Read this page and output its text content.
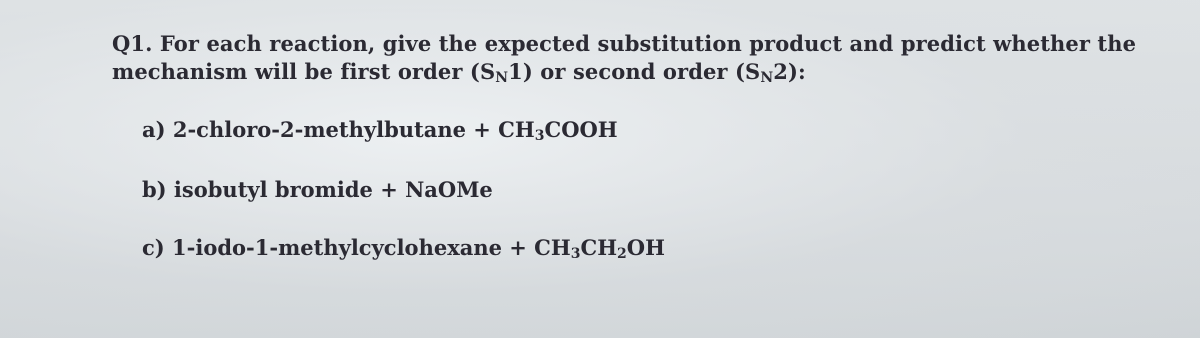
Q1. For each reaction, give the expected substitution product and predict whether the
mechanism will be first order $(S_N1)$ or second order $(S_N2)$:
a) 2-chloro-2-methylbutane + $CH_3COOH$
b) isobutyl bromide + NaOMe
c) 1-iodo-1-methylcyclohexane + $CH_3CH_2OH$
